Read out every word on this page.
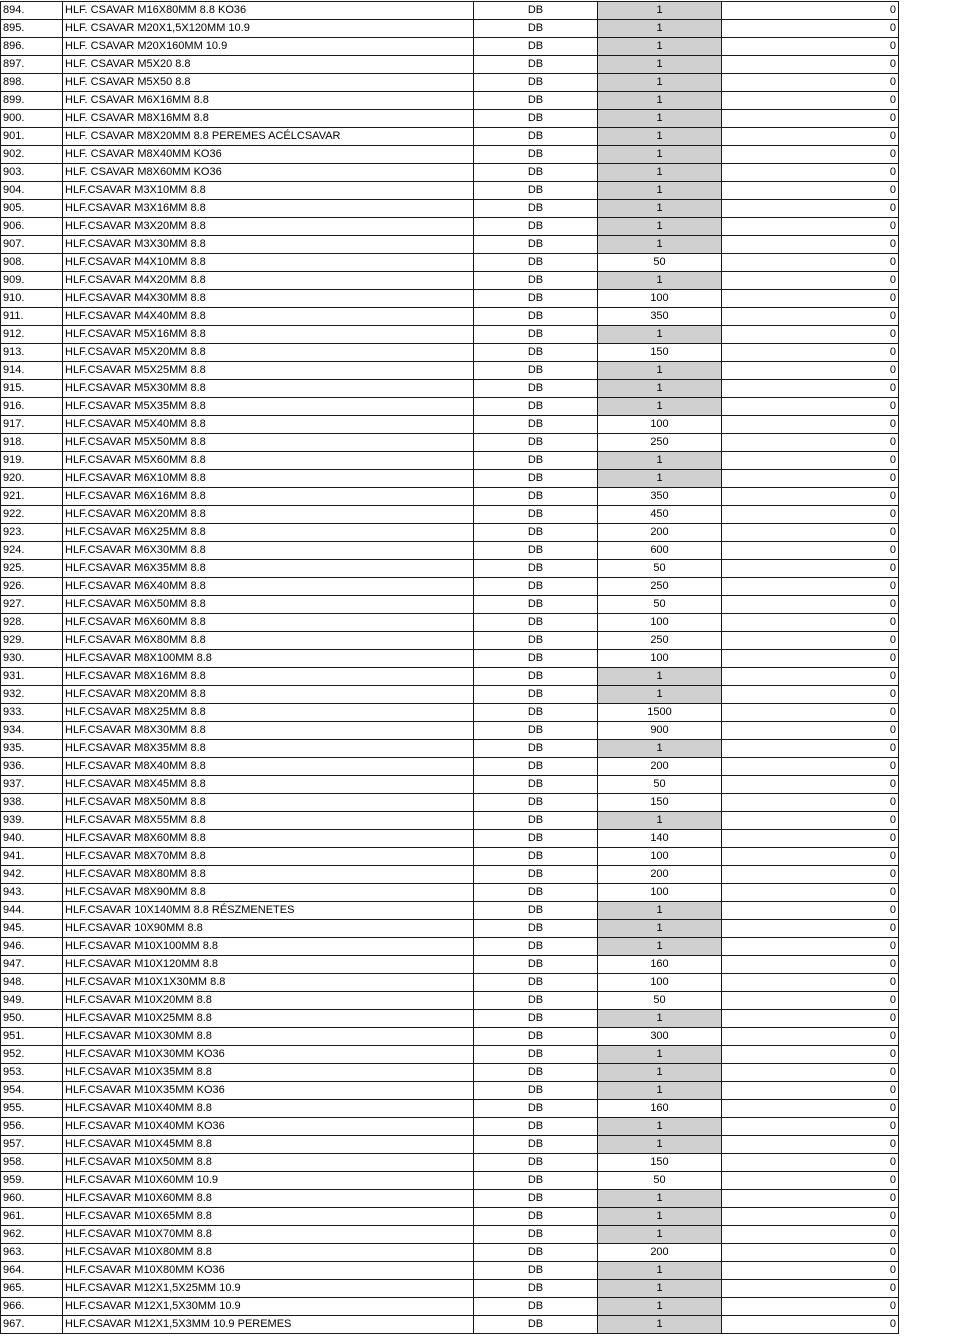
894.	HLF. CSAVAR M16X80MM 8.8 KO36	DB	1	0
895.	HLF. CSAVAR M20X1,5X120MM 10.9	DB	1	0
896.	HLF. CSAVAR M20X160MM 10.9	DB	1	0
897.	HLF. CSAVAR M5X20 8.8	DB	1	0
898.	HLF. CSAVAR M5X50 8.8	DB	1	0
899.	HLF. CSAVAR M6X16MM 8.8	DB	1	0
900.	HLF. CSAVAR M8X16MM 8.8	DB	1	0
901.	HLF. CSAVAR M8X20MM 8.8 PEREMES ACÉLCSAVAR	DB	1	0
902.	HLF. CSAVAR M8X40MM KO36	DB	1	0
903.	HLF. CSAVAR M8X60MM KO36	DB	1	0
904.	HLF.CSAVAR M3X10MM 8.8	DB	1	0
905.	HLF.CSAVAR M3X16MM 8.8	DB	1	0
906.	HLF.CSAVAR M3X20MM 8.8	DB	1	0
907.	HLF.CSAVAR M3X30MM 8.8	DB	1	0
908.	HLF.CSAVAR M4X10MM 8.8	DB	50	0
909.	HLF.CSAVAR M4X20MM 8.8	DB	1	0
910.	HLF.CSAVAR M4X30MM 8.8	DB	100	0
911.	HLF.CSAVAR M4X40MM 8.8	DB	350	0
912.	HLF.CSAVAR M5X16MM 8.8	DB	1	0
913.	HLF.CSAVAR M5X20MM 8.8	DB	150	0
914.	HLF.CSAVAR M5X25MM 8.8	DB	1	0
915.	HLF.CSAVAR M5X30MM 8.8	DB	1	0
916.	HLF.CSAVAR M5X35MM 8.8	DB	1	0
917.	HLF.CSAVAR M5X40MM 8.8	DB	100	0
918.	HLF.CSAVAR M5X50MM 8.8	DB	250	0
919.	HLF.CSAVAR M5X60MM 8.8	DB	1	0
920.	HLF.CSAVAR M6X10MM 8.8	DB	1	0
921.	HLF.CSAVAR M6X16MM 8.8	DB	350	0
922.	HLF.CSAVAR M6X20MM 8.8	DB	450	0
923.	HLF.CSAVAR M6X25MM 8.8	DB	200	0
924.	HLF.CSAVAR M6X30MM 8.8	DB	600	0
925.	HLF.CSAVAR M6X35MM 8.8	DB	50	0
926.	HLF.CSAVAR M6X40MM 8.8	DB	250	0
927.	HLF.CSAVAR M6X50MM 8.8	DB	50	0
928.	HLF.CSAVAR M6X60MM 8.8	DB	100	0
929.	HLF.CSAVAR M6X80MM 8.8	DB	250	0
930.	HLF.CSAVAR M8X100MM 8.8	DB	100	0
931.	HLF.CSAVAR M8X16MM 8.8	DB	1	0
932.	HLF.CSAVAR M8X20MM 8.8	DB	1	0
933.	HLF.CSAVAR M8X25MM 8.8	DB	1500	0
934.	HLF.CSAVAR M8X30MM 8.8	DB	900	0
935.	HLF.CSAVAR M8X35MM 8.8	DB	1	0
936.	HLF.CSAVAR M8X40MM 8.8	DB	200	0
937.	HLF.CSAVAR M8X45MM 8.8	DB	50	0
938.	HLF.CSAVAR M8X50MM 8.8	DB	150	0
939.	HLF.CSAVAR M8X55MM 8.8	DB	1	0
940.	HLF.CSAVAR M8X60MM 8.8	DB	140	0
941.	HLF.CSAVAR M8X70MM 8.8	DB	100	0
942.	HLF.CSAVAR M8X80MM 8.8	DB	200	0
943.	HLF.CSAVAR M8X90MM 8.8	DB	100	0
944.	HLF.CSAVAR 10X140MM 8.8 RÉSZMENETES	DB	1	0
945.	HLF.CSAVAR 10X90MM 8.8	DB	1	0
946.	HLF.CSAVAR M10X100MM 8.8	DB	1	0
947.	HLF.CSAVAR M10X120MM 8.8	DB	160	0
948.	HLF.CSAVAR M10X1X30MM 8.8	DB	100	0
949.	HLF.CSAVAR M10X20MM 8.8	DB	50	0
950.	HLF.CSAVAR M10X25MM 8.8	DB	1	0
951.	HLF.CSAVAR M10X30MM 8.8	DB	300	0
952.	HLF.CSAVAR M10X30MM KO36	DB	1	0
953.	HLF.CSAVAR M10X35MM 8.8	DB	1	0
954.	HLF.CSAVAR M10X35MM KO36	DB	1	0
955.	HLF.CSAVAR M10X40MM 8.8	DB	160	0
956.	HLF.CSAVAR M10X40MM KO36	DB	1	0
957.	HLF.CSAVAR M10X45MM 8.8	DB	1	0
958.	HLF.CSAVAR M10X50MM 8.8	DB	150	0
959.	HLF.CSAVAR M10X60MM 10.9	DB	50	0
960.	HLF.CSAVAR M10X60MM 8.8	DB	1	0
961.	HLF.CSAVAR M10X65MM 8.8	DB	1	0
962.	HLF.CSAVAR M10X70MM 8.8	DB	1	0
963.	HLF.CSAVAR M10X80MM 8.8	DB	200	0
964.	HLF.CSAVAR M10X80MM KO36	DB	1	0
965.	HLF.CSAVAR M12X1,5X25MM 10.9	DB	1	0
966.	HLF.CSAVAR M12X1,5X30MM 10.9	DB	1	0
967.	HLF.CSAVAR M12X1,5X3MM 10.9 PEREMES	DB	1	0
